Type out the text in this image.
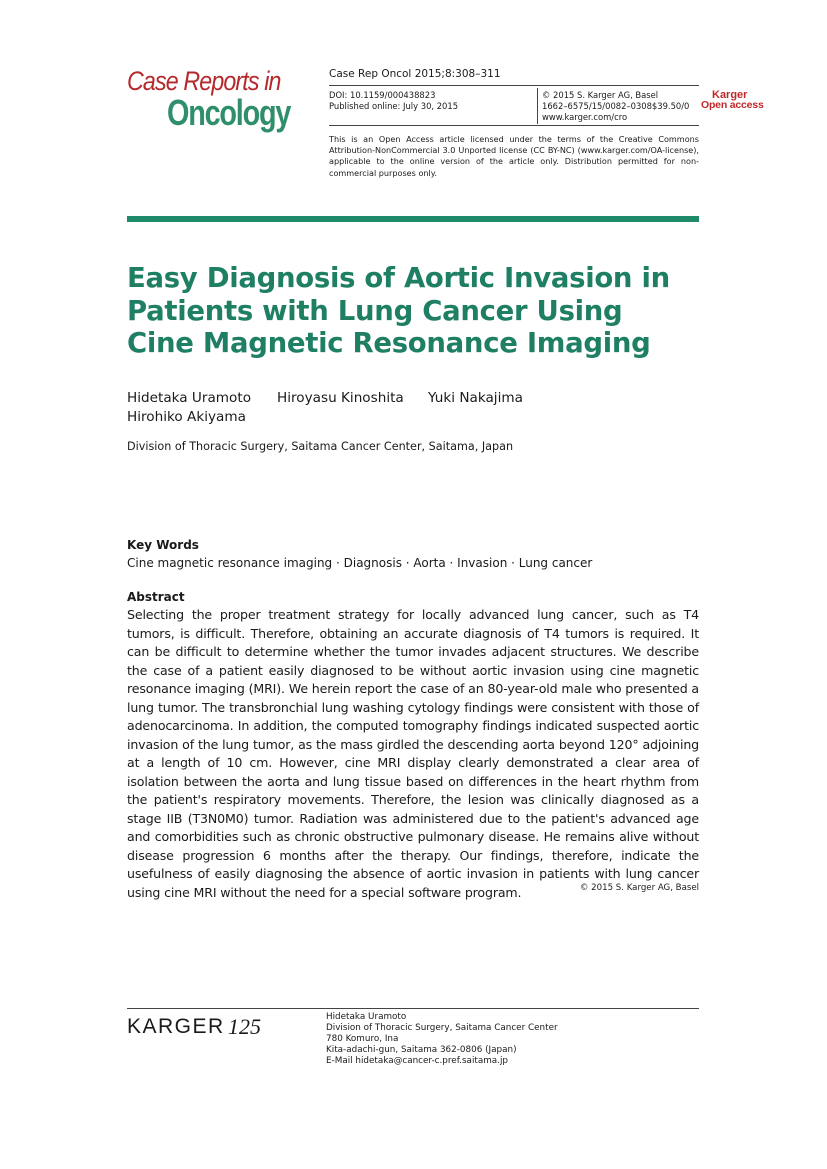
Case Reports in
Oncology
Case Rep Oncol 2015;8:308–311
DOI: 10.1159/000438823
Published online: July 30, 2015
© 2015 S. Karger AG, Basel
1662–6575/15/0082–0308$39.50/0
www.karger.com/cro
Karger
Open access
This is an Open Access article licensed under the terms of the Creative Commons Attribution-NonCommercial 3.0 Unported license (CC BY-NC) (www.karger.com/OA-license), applicable to the online version of the article only. Distribution permitted for non-commercial purposes only.
Easy Diagnosis of Aortic Invasion in Patients with Lung Cancer Using Cine Magnetic Resonance Imaging
Hidetaka Uramoto Hiroyasu Kinoshita Yuki Nakajima
Hirohiko Akiyama
Division of Thoracic Surgery, Saitama Cancer Center, Saitama, Japan
Key Words
Cine magnetic resonance imaging · Diagnosis · Aorta · Invasion · Lung cancer
Abstract
Selecting the proper treatment strategy for locally advanced lung cancer, such as T4 tumors, is difficult. Therefore, obtaining an accurate diagnosis of T4 tumors is required. It can be difficult to determine whether the tumor invades adjacent structures. We describe the case of a patient easily diagnosed to be without aortic invasion using cine magnetic resonance imaging (MRI). We herein report the case of an 80-year-old male who presented a lung tumor. The transbronchial lung washing cytology findings were consistent with those of adenocarcinoma. In addition, the computed tomography findings indicated suspected aortic invasion of the lung tumor, as the mass girdled the descending aorta beyond 120° adjoining at a length of 10 cm. However, cine MRI display clearly demonstrated a clear area of isolation between the aorta and lung tissue based on differences in the heart rhythm from the patient's respiratory movements. Therefore, the lesion was clinically diagnosed as a stage IIB (T3N0M0) tumor. Radiation was administered due to the patient's advanced age and comorbidities such as chronic obstructive pulmonary disease. He remains alive without disease progression 6 months after the therapy. Our findings, therefore, indicate the usefulness of easily diagnosing the absence of aortic invasion in patients with lung cancer using cine MRI without the need for a special software program.	© 2015 S. Karger AG, Basel
KARGER 125	Hidetaka Uramoto
Division of Thoracic Surgery, Saitama Cancer Center
780 Komuro, Ina
Kita-adachi-gun, Saitama 362-0806 (Japan)
E-Mail hidetaka@cancer-c.pref.saitama.jp
